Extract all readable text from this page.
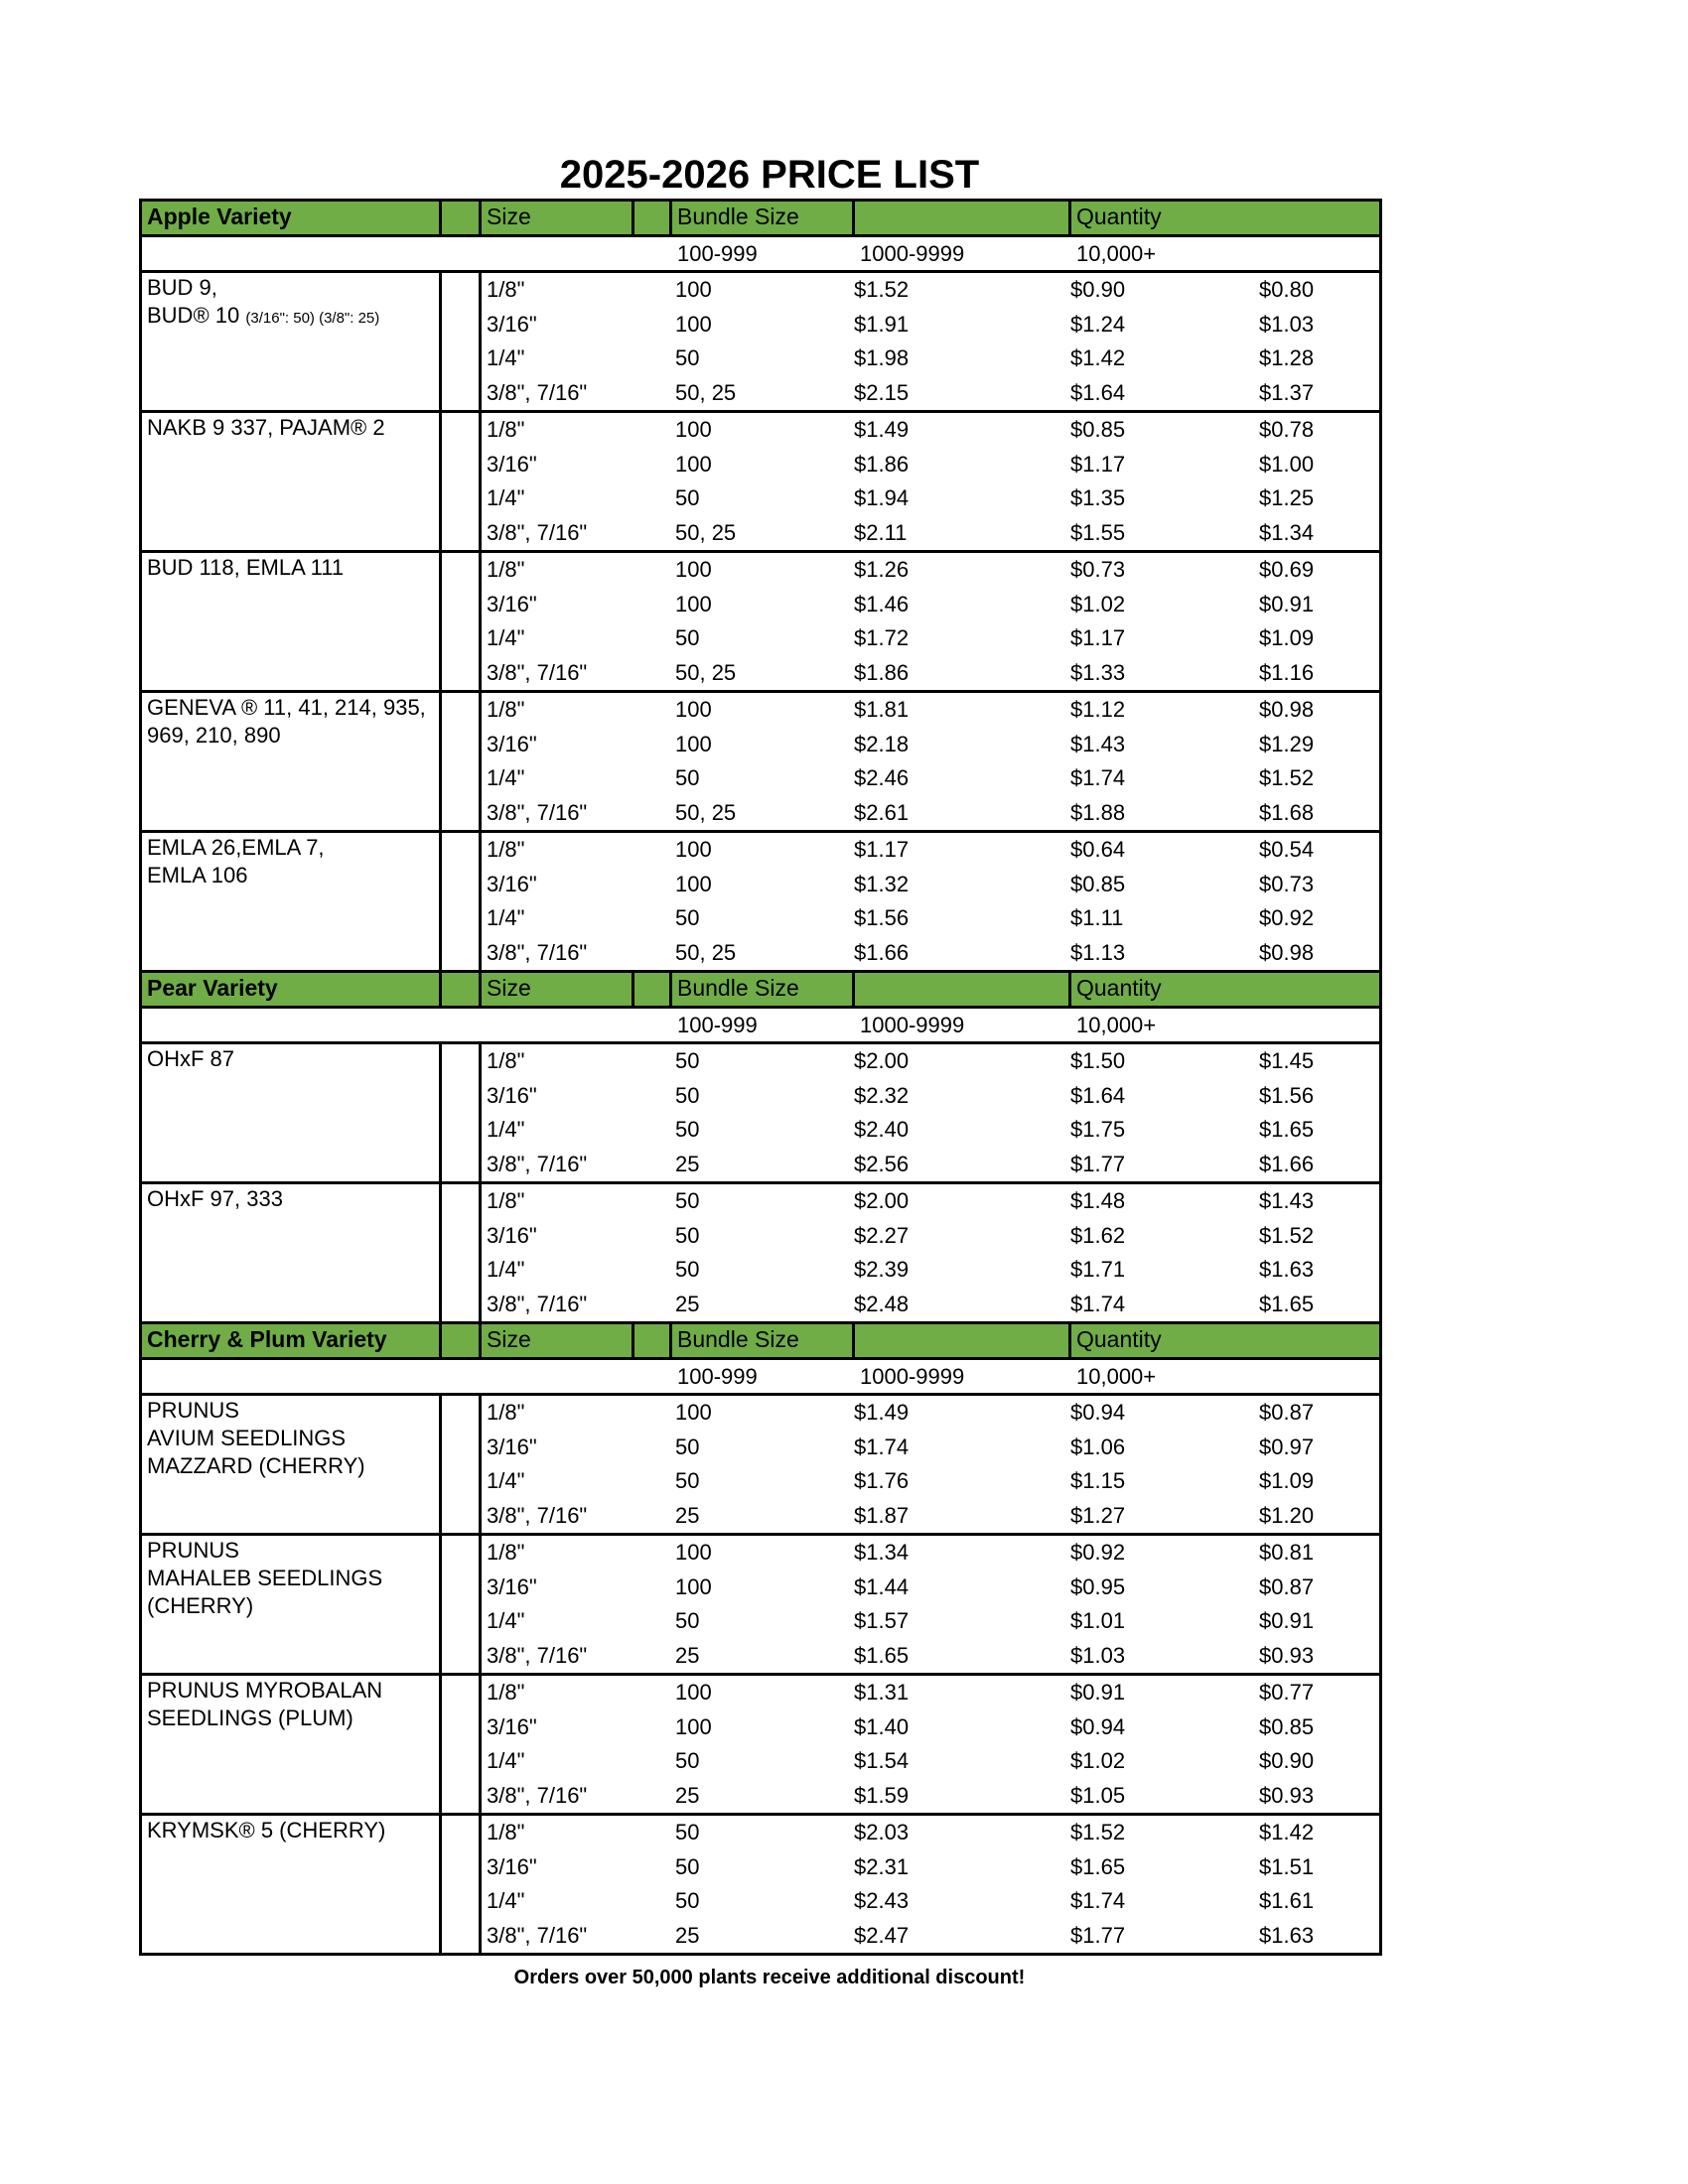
2025-2026 PRICE LIST
Apple Variety	Size	Bundle Size	Quantity
100-999	1000-9999	10,000+
BUD 9,
BUD® 10 (3/16": 50) (3/8": 25)
1/8"	100	$1.52	$0.90	$0.80
3/16"	100	$1.91	$1.24	$1.03
1/4"	50	$1.98	$1.42	$1.28
3/8", 7/16"	50, 25	$2.15	$1.64	$1.37
NAKB 9 337, PAJAM® 2	1/8"	100	$1.49	$0.85	$0.78
3/16"	100	$1.86	$1.17	$1.00
1/4"	50	$1.94	$1.35	$1.25
3/8", 7/16"	50, 25	$2.11	$1.55	$1.34
BUD 118, EMLA 111	1/8"	100	$1.26	$0.73	$0.69
3/16"	100	$1.46	$1.02	$0.91
1/4"	50	$1.72	$1.17	$1.09
3/8", 7/16"	50, 25	$1.86	$1.33	$1.16
GENEVA ® 11, 41, 214, 935,
969, 210, 890
1/8"	100	$1.81	$1.12	$0.98
3/16"	100	$2.18	$1.43	$1.29
1/4"	50	$2.46	$1.74	$1.52
3/8", 7/16"	50, 25	$2.61	$1.88	$1.68
EMLA 26,EMLA 7,
EMLA 106
1/8"	100	$1.17	$0.64	$0.54
3/16"	100	$1.32	$0.85	$0.73
1/4"	50	$1.56	$1.11	$0.92
3/8", 7/16"	50, 25	$1.66	$1.13	$0.98
Pear Variety	Size	Bundle Size	Quantity
100-999	1000-9999	10,000+
OHxF 87	1/8"	50	$2.00	$1.50	$1.45
3/16"	50	$2.32	$1.64	$1.56
1/4"	50	$2.40	$1.75	$1.65
3/8", 7/16"	25	$2.56	$1.77	$1.66
OHxF 97, 333	1/8"	50	$2.00	$1.48	$1.43
3/16"	50	$2.27	$1.62	$1.52
1/4"	50	$2.39	$1.71	$1.63
3/8", 7/16"	25	$2.48	$1.74	$1.65
Cherry & Plum Variety	Size	Bundle Size	Quantity
100-999	1000-9999	10,000+
PRUNUS
AVIUM SEEDLINGS
MAZZARD (CHERRY)
1/8"	100	$1.49	$0.94	$0.87
3/16"	50	$1.74	$1.06	$0.97
1/4"	50	$1.76	$1.15	$1.09
3/8", 7/16"	25	$1.87	$1.27	$1.20
PRUNUS
MAHALEB SEEDLINGS
(CHERRY)
1/8"	100	$1.34	$0.92	$0.81
3/16"	100	$1.44	$0.95	$0.87
1/4"	50	$1.57	$1.01	$0.91
3/8", 7/16"	25	$1.65	$1.03	$0.93
PRUNUS MYROBALAN
SEEDLINGS (PLUM)
1/8"	100	$1.31	$0.91	$0.77
3/16"	100	$1.40	$0.94	$0.85
1/4"	50	$1.54	$1.02	$0.90
3/8", 7/16"	25	$1.59	$1.05	$0.93
KRYMSK® 5 (CHERRY)	1/8"	50	$2.03	$1.52	$1.42
3/16"	50	$2.31	$1.65	$1.51
1/4"	50	$2.43	$1.74	$1.61
3/8", 7/16"	25	$2.47	$1.77	$1.63
Orders over 50,000 plants receive additional discount!
